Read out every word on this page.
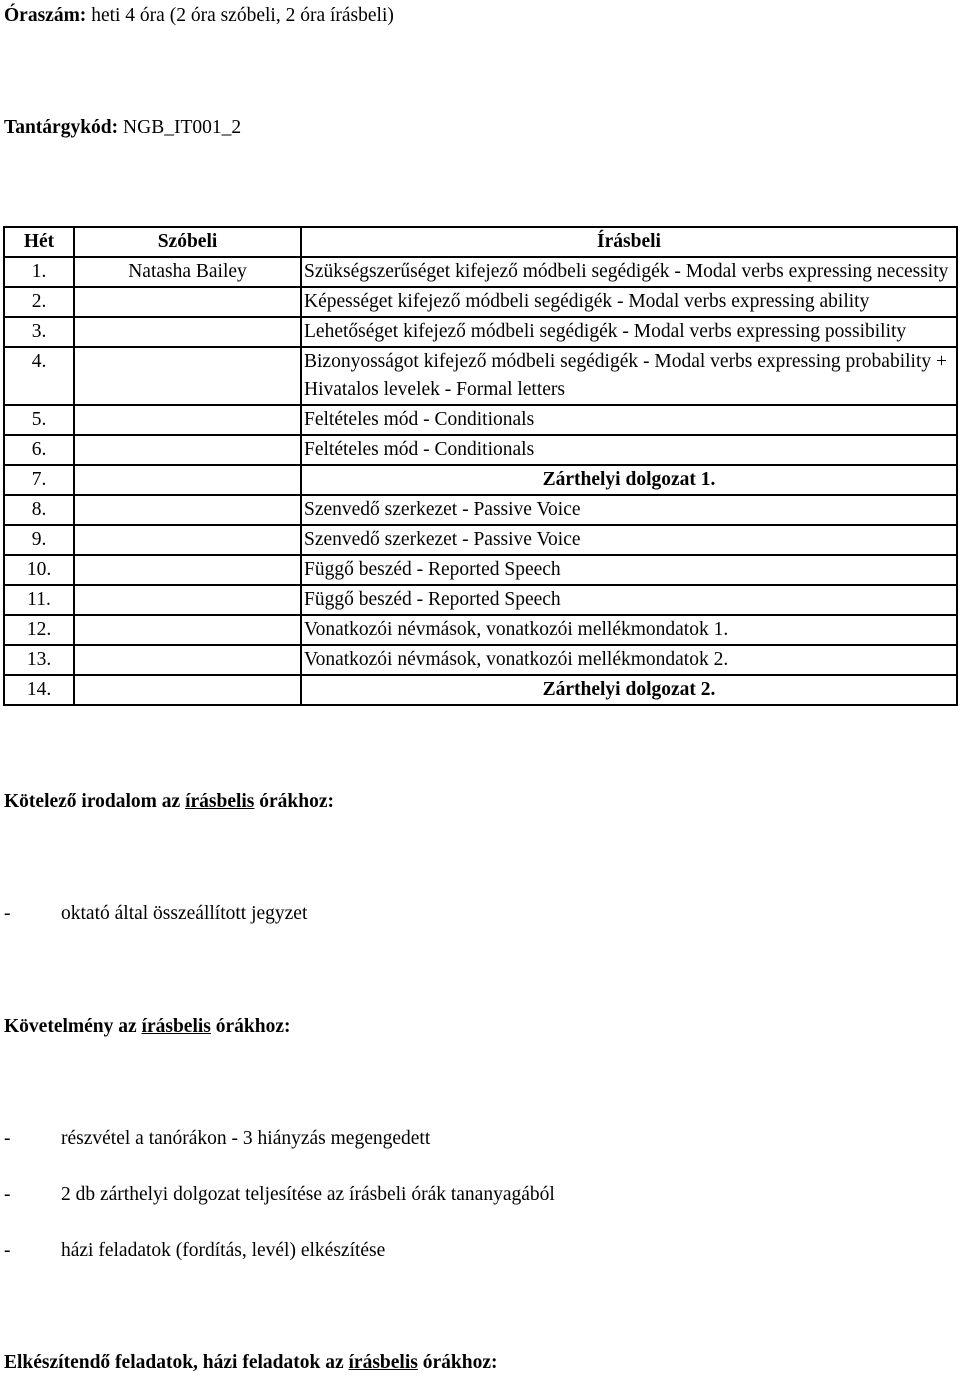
Óraszám: heti 4 óra (2 óra szóbeli, 2 óra írásbeli)
Tantárgykód: NGB_IT001_2
Hét	Szóbeli	Írásbeli
1.	Natasha Bailey	Szükségszerűséget kifejező módbeli segédigék - Modal verbs expressing necessity
2.		Képességet kifejező módbeli segédigék - Modal verbs expressing ability
3.		Lehetőséget kifejező módbeli segédigék - Modal verbs expressing possibility
4.		Bizonyosságot kifejező módbeli segédigék - Modal verbs expressing probability + Hivatalos levelek - Formal letters
5.		Feltételes mód - Conditionals
6.		Feltételes mód - Conditionals
7.		Zárthelyi dolgozat 1.
8.		Szenvedő szerkezet - Passive Voice
9.		Szenvedő szerkezet - Passive Voice
10.		Függő beszéd - Reported Speech
11.		Függő beszéd - Reported Speech
12.		Vonatkozói névmások, vonatkozói mellékmondatok 1.
13.		Vonatkozói névmások, vonatkozói mellékmondatok 2.
14.		Zárthelyi dolgozat 2.
Kötelező irodalom az írásbelis órákhoz:
-	oktató által összeállított jegyzet
Követelmény az írásbelis órákhoz:
-	részvétel a tanórákon - 3 hiányzás megengedett
-	2 db zárthelyi dolgozat teljesítése az írásbeli órák tananyagából
-	házi feladatok (fordítás, levél) elkészítése
Elkészítendő feladatok, házi feladatok az írásbelis órákhoz:
